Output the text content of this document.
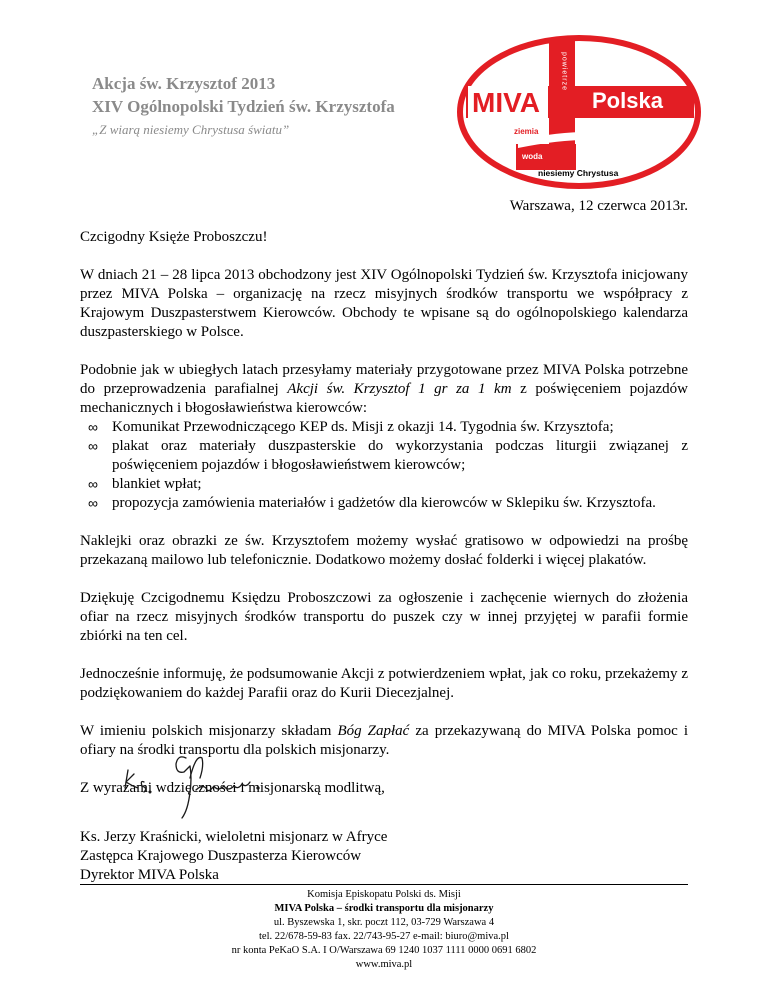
Akcja św. Krzysztof 2013
XIV Ogólnopolski Tydzień św. Krzysztofa
„Z wiarą niesiemy Chrystusa światu”
MIVA Polska
powietrze
ziemia
woda
niesiemy Chrystusa
Warszawa, 12 czerwca 2013r.

Czcigodny Księże Proboszczu!

W dniach 21 – 28 lipca 2013 obchodzony jest XIV Ogólnopolski Tydzień św. Krzysztofa inicjowany przez MIVA Polska – organizację na rzecz misyjnych środków transportu we współpracy z Krajowym Duszpasterstwem Kierowców. Obchody te wpisane są do ogólnopolskiego kalendarza duszpasterskiego w Polsce.

Podobnie jak w ubiegłych latach przesyłamy materiały przygotowane przez MIVA Polska potrzebne do przeprowadzenia parafialnej Akcji św. Krzysztof 1 gr za 1 km z poświęceniem pojazdów mechanicznych i błogosławieństwa kierowców:

∞ Komunikat Przewodniczącego KEP ds. Misji z okazji 14. Tygodnia św. Krzysztofa;
∞ plakat oraz materiały duszpasterskie do wykorzystania podczas liturgii związanej z poświęceniem pojazdów i błogosławieństwem kierowców;
∞ blankiet wpłat;
∞ propozycja zamówienia materiałów i gadżetów dla kierowców w Sklepiku św. Krzysztofa.

Naklejki oraz obrazki ze św. Krzysztofem możemy wysłać gratisowo w odpowiedzi na prośbę przekazaną mailowo lub telefonicznie. Dodatkowo możemy dosłać folderki i więcej plakatów.

Dziękuję Czcigodnemu Księdzu Proboszczowi za ogłoszenie i zachęcenie wiernych do złożenia ofiar na rzecz misyjnych środków transportu do puszek czy w innej przyjętej w parafii formie zbiórki na ten cel.

Jednocześnie informuję, że podsumowanie Akcji z potwierdzeniem wpłat, jak co roku, przekażemy z podziękowaniem do każdej Parafii oraz do Kurii Diecezjalnej.

W imieniu polskich misjonarzy składam Bóg Zapłać za przekazywaną do MIVA Polska pomoc i ofiary na środki transportu dla polskich misjonarzy.

Z wyrazami wdzięczności i misjonarską modlitwą,

Ks. Jerzy Kraśnicki, wieloletni misjonarz w Afryce
Zastępca Krajowego Duszpasterza Kierowców
Dyrektor MIVA Polska
Komisja Episkopatu Polski ds. Misji
MIVA Polska – środki transportu dla misjonarzy
ul. Byszewska 1, skr. poczt 112, 03-729 Warszawa 4
tel. 22/678-59-83 fax. 22/743-95-27 e-mail: biuro@miva.pl
nr konta PeKaO S.A. I O/Warszawa 69 1240 1037 1111 0000 0691 6802
www.miva.pl
